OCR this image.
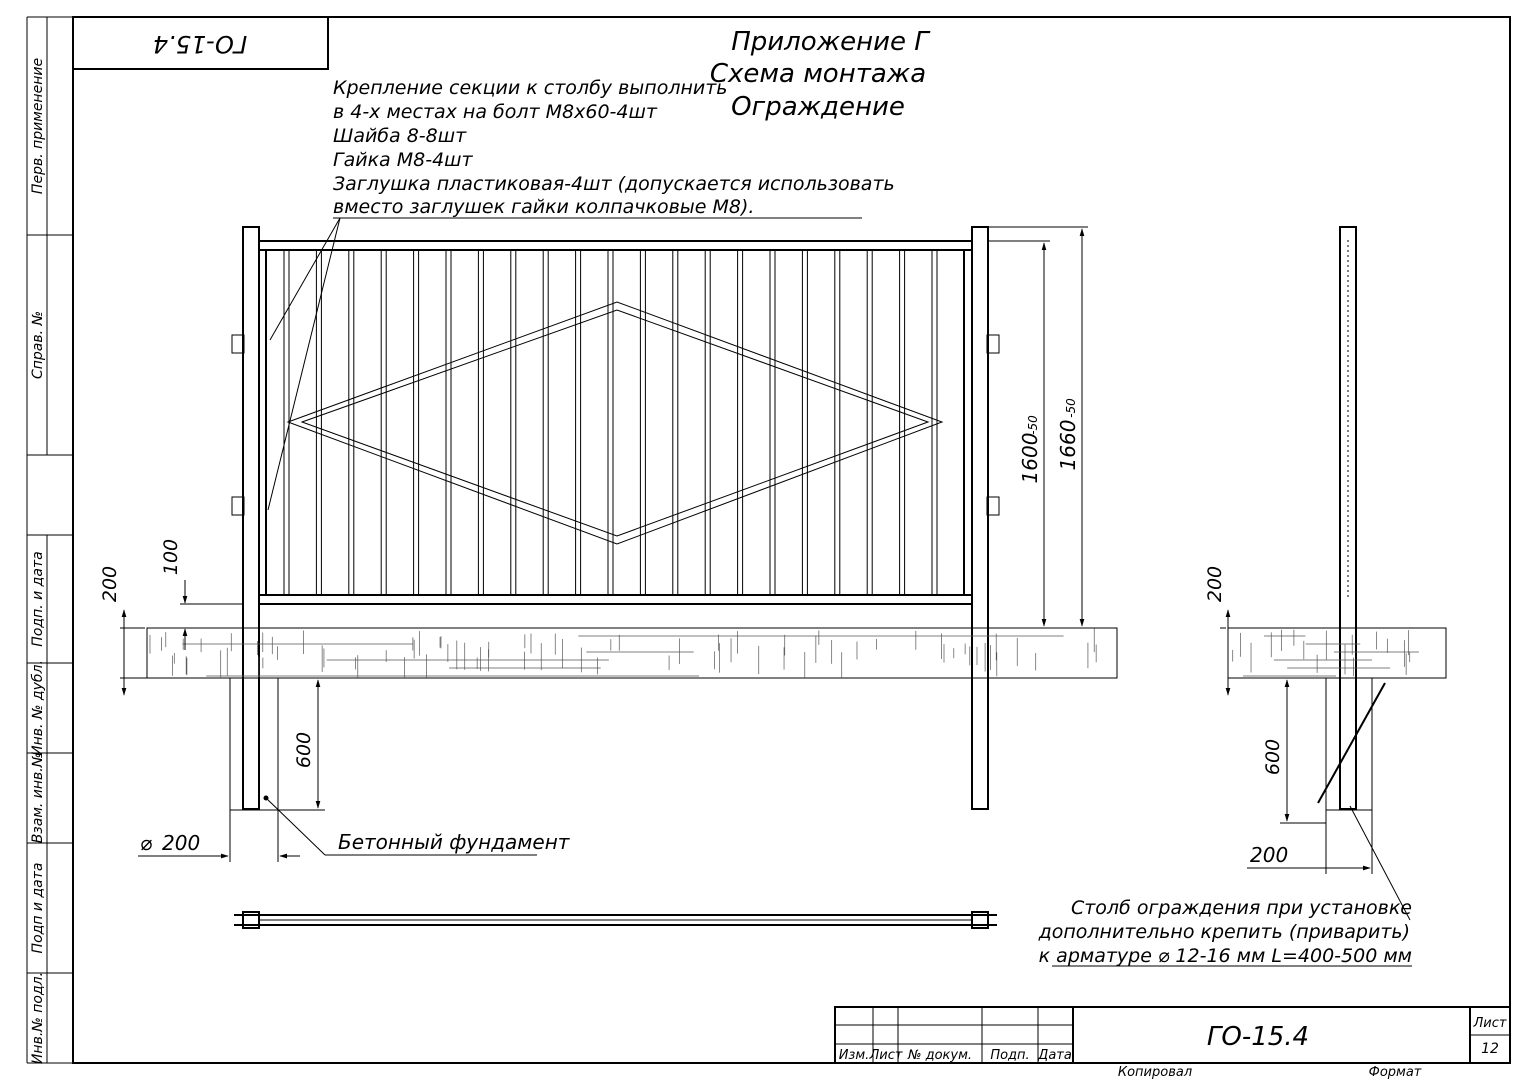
ГО-15.4
Перв. применение
Справ. №
Подп. и дата
Инв. № дубл.
Взам. инв.№
Подп и дата
Инв.№ подл.
Приложение Г
Схема монтажа
Ограждение
Крепление секции к столбу выполнить
в 4-х местах на болт М8х60-4шт
Шайба 8-8шт
Гайка М8-4шт
Заглушка пластиковая-4шт (допускается использовать
вместо заглушек гайки колпачковые М8).
200
100
600
⌀ 200	Бетонный фундамент
1600
-50 1660
-50
200
600
200
Столб ограждения при установке
дополнительно крепить (приварить)
к арматуре ⌀ 12-16 мм L=400-500 мм
Изм. Лист № докум. Подп. Дата
ГО-15.4	Лист
12
Копировал	Формат
